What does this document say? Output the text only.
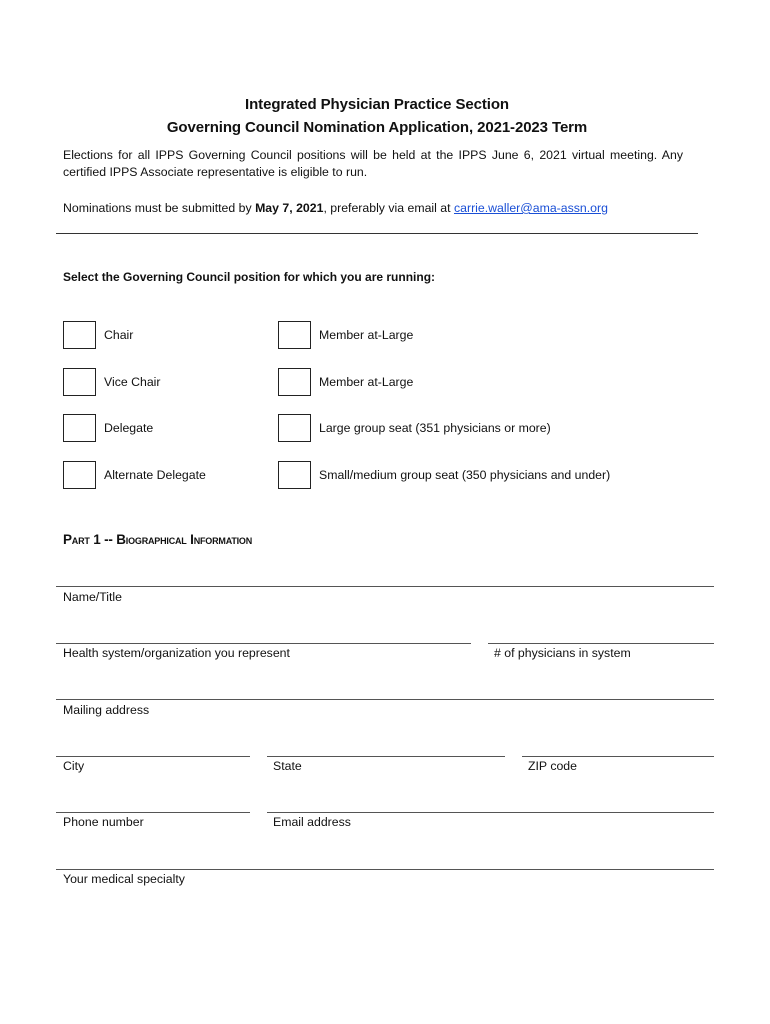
Integrated Physician Practice Section
Governing Council Nomination Application, 2021-2023 Term
Elections for all IPPS Governing Council positions will be held at the IPPS June 6, 2021 virtual meeting. Any certified IPPS Associate representative is eligible to run.
Nominations must be submitted by May 7, 2021, preferably via email at carrie.waller@ama-assn.org
Select the Governing Council position for which you are running:
Chair
Vice Chair
Delegate
Alternate Delegate
Member at-Large
Member at-Large
Large group seat (351 physicians or more)
Small/medium group seat (350 physicians and under)
Part 1 -- Biographical Information
Name/Title
Health system/organization you represent	# of physicians in system
Mailing address
City	State	ZIP code
Phone number	Email address
Your medical specialty
